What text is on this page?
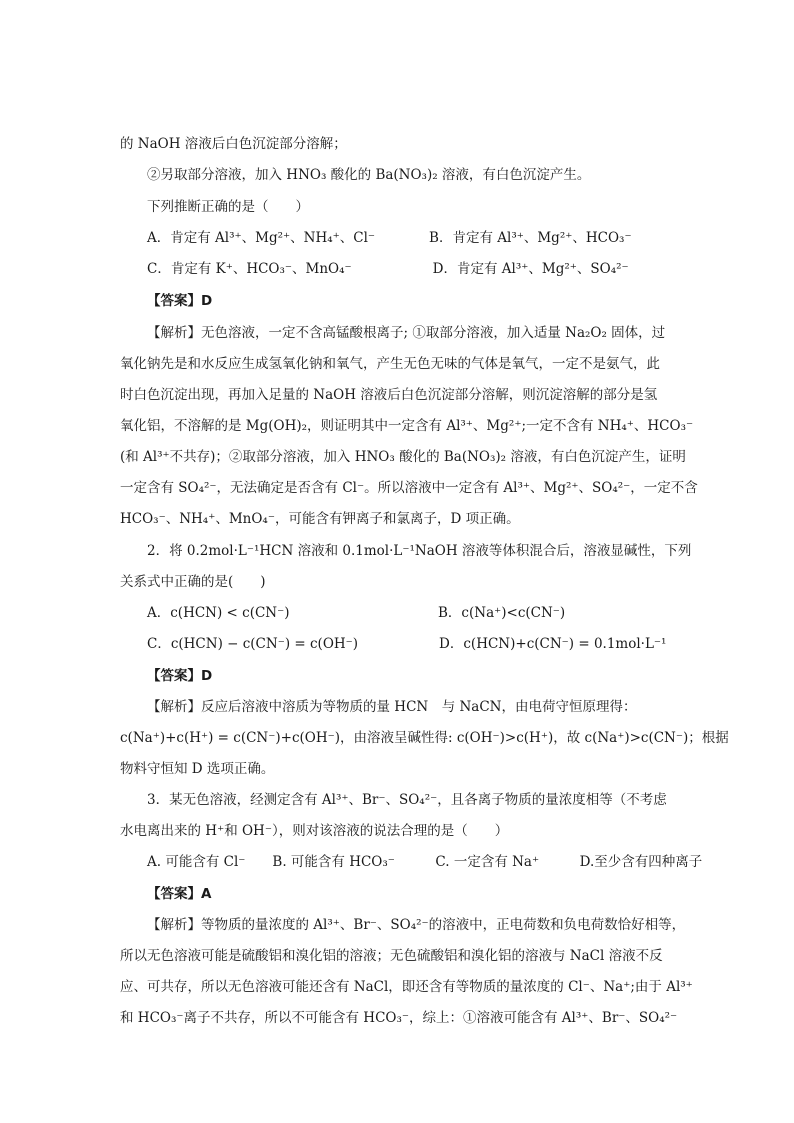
的 NaOH 溶液后白色沉淀部分溶解；
②另取部分溶液，加入 HNO₃ 酸化的 Ba(NO₃)₂ 溶液，有白色沉淀产生。
下列推断正确的是（　　）
A．肯定有 Al³⁺、Mg²⁺、NH₄⁺、Cl⁻　　　　B．肯定有 Al³⁺、Mg²⁺、HCO₃⁻
C．肯定有 K⁺、HCO₃⁻、MnO₄⁻　　　　　　D．肯定有 Al³⁺、Mg²⁺、SO₄²⁻
【答案】D
【解析】无色溶液，一定不含高锰酸根离子; ①取部分溶液，加入适量 Na₂O₂ 固体，过
氧化钠先是和水反应生成氢氧化钠和氧气，产生无色无味的气体是氧气，一定不是氨气，此
时白色沉淀出现，再加入足量的 NaOH 溶液后白色沉淀部分溶解，则沉淀溶解的部分是氢
氧化铝，不溶解的是 Mg(OH)₂，则证明其中一定含有 Al³⁺、Mg²⁺;一定不含有 NH₄⁺、HCO₃⁻
(和 Al³⁺不共存)；②取部分溶液，加入 HNO₃ 酸化的 Ba(NO₃)₂ 溶液，有白色沉淀产生，证明
一定含有 SO₄²⁻，无法确定是否含有 Cl⁻。所以溶液中一定含有 Al³⁺、Mg²⁺、SO₄²⁻，一定不含
HCO₃⁻、NH₄⁺、MnO₄⁻，可能含有钾离子和氯离子，D 项正确。
2．将 0.2mol·L⁻¹HCN 溶液和 0.1mol·L⁻¹NaOH 溶液等体积混合后，溶液显碱性，下列
关系式中正确的是(　　)
A．c(HCN) < c(CN⁻)　　　　　　　　　　　B．c(Na⁺)<c(CN⁻)
C．c(HCN) − c(CN⁻) = c(OH⁻)　　　　　　D．c(HCN)+c(CN⁻) = 0.1mol·L⁻¹
【答案】D
【解析】反应后溶液中溶质为等物质的量 HCN　与 NaCN，由电荷守恒原理得：
c(Na⁺)+c(H⁺) = c(CN⁻)+c(OH⁻)，由溶液呈碱性得: c(OH⁻)>c(H⁺)，故 c(Na⁺)>c(CN⁻)；根据
物料守恒知 D 选项正确。
3．某无色溶液，经测定含有 Al³⁺、Br⁻、SO₄²⁻，且各离子物质的量浓度相等（不考虑
水电离出来的 H⁺和 OH⁻），则对该溶液的说法合理的是（　　）
A. 可能含有 Cl⁻　　B. 可能含有 HCO₃⁻　　　C. 一定含有 Na⁺　　　D.至少含有四种离子
【答案】A
【解析】等物质的量浓度的 Al³⁺、Br⁻、SO₄²⁻的溶液中，正电荷数和负电荷数恰好相等，
所以无色溶液可能是硫酸铝和溴化铝的溶液；无色硫酸铝和溴化铝的溶液与 NaCl 溶液不反
应、可共存，所以无色溶液可能还含有 NaCl，即还含有等物质的量浓度的 Cl⁻、Na⁺;由于 Al³⁺
和 HCO₃⁻离子不共存，所以不可能含有 HCO₃⁻，综上：①溶液可能含有 Al³⁺、Br⁻、SO₄²⁻
